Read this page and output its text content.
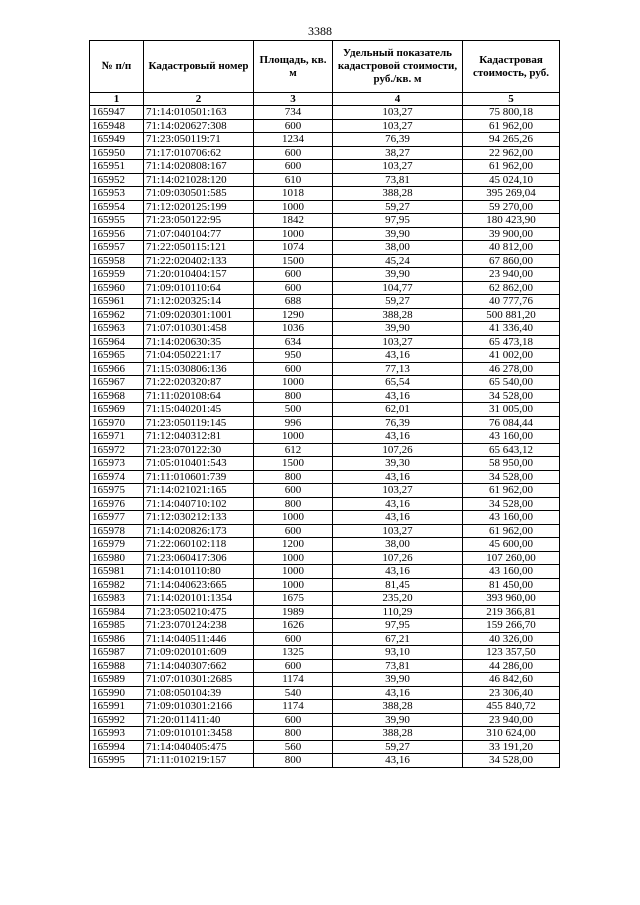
3388
№ п/п	Кадастровый номер	Площадь, кв. м	Удельный показатель кадастровой стоимости, руб./кв. м	Кадастровая стоимость, руб.
1	2	3	4	5
165947	71:14:010501:163	734	103,27	75 800,18
165948	71:14:020627:308	600	103,27	61 962,00
165949	71:23:050119:71	1234	76,39	94 265,26
165950	71:17:010706:62	600	38,27	22 962,00
165951	71:14:020808:167	600	103,27	61 962,00
165952	71:14:021028:120	610	73,81	45 024,10
165953	71:09:030501:585	1018	388,28	395 269,04
165954	71:12:020125:199	1000	59,27	59 270,00
165955	71:23:050122:95	1842	97,95	180 423,90
165956	71:07:040104:77	1000	39,90	39 900,00
165957	71:22:050115:121	1074	38,00	40 812,00
165958	71:22:020402:133	1500	45,24	67 860,00
165959	71:20:010404:157	600	39,90	23 940,00
165960	71:09:010110:64	600	104,77	62 862,00
165961	71:12:020325:14	688	59,27	40 777,76
165962	71:09:020301:1001	1290	388,28	500 881,20
165963	71:07:010301:458	1036	39,90	41 336,40
165964	71:14:020630:35	634	103,27	65 473,18
165965	71:04:050221:17	950	43,16	41 002,00
165966	71:15:030806:136	600	77,13	46 278,00
165967	71:22:020320:87	1000	65,54	65 540,00
165968	71:11:020108:64	800	43,16	34 528,00
165969	71:15:040201:45	500	62,01	31 005,00
165970	71:23:050119:145	996	76,39	76 084,44
165971	71:12:040312:81	1000	43,16	43 160,00
165972	71:23:070122:30	612	107,26	65 643,12
165973	71:05:010401:543	1500	39,30	58 950,00
165974	71:11:010601:739	800	43,16	34 528,00
165975	71:14:021021:165	600	103,27	61 962,00
165976	71:14:040710:102	800	43,16	34 528,00
165977	71:12:030212:133	1000	43,16	43 160,00
165978	71:14:020826:173	600	103,27	61 962,00
165979	71:22:060102:118	1200	38,00	45 600,00
165980	71:23:060417:306	1000	107,26	107 260,00
165981	71:14:010110:80	1000	43,16	43 160,00
165982	71:14:040623:665	1000	81,45	81 450,00
165983	71:14:020101:1354	1675	235,20	393 960,00
165984	71:23:050210:475	1989	110,29	219 366,81
165985	71:23:070124:238	1626	97,95	159 266,70
165986	71:14:040511:446	600	67,21	40 326,00
165987	71:09:020101:609	1325	93,10	123 357,50
165988	71:14:040307:662	600	73,81	44 286,00
165989	71:07:010301:2685	1174	39,90	46 842,60
165990	71:08:050104:39	540	43,16	23 306,40
165991	71:09:010301:2166	1174	388,28	455 840,72
165992	71:20:011411:40	600	39,90	23 940,00
165993	71:09:010101:3458	800	388,28	310 624,00
165994	71:14:040405:475	560	59,27	33 191,20
165995	71:11:010219:157	800	43,16	34 528,00
